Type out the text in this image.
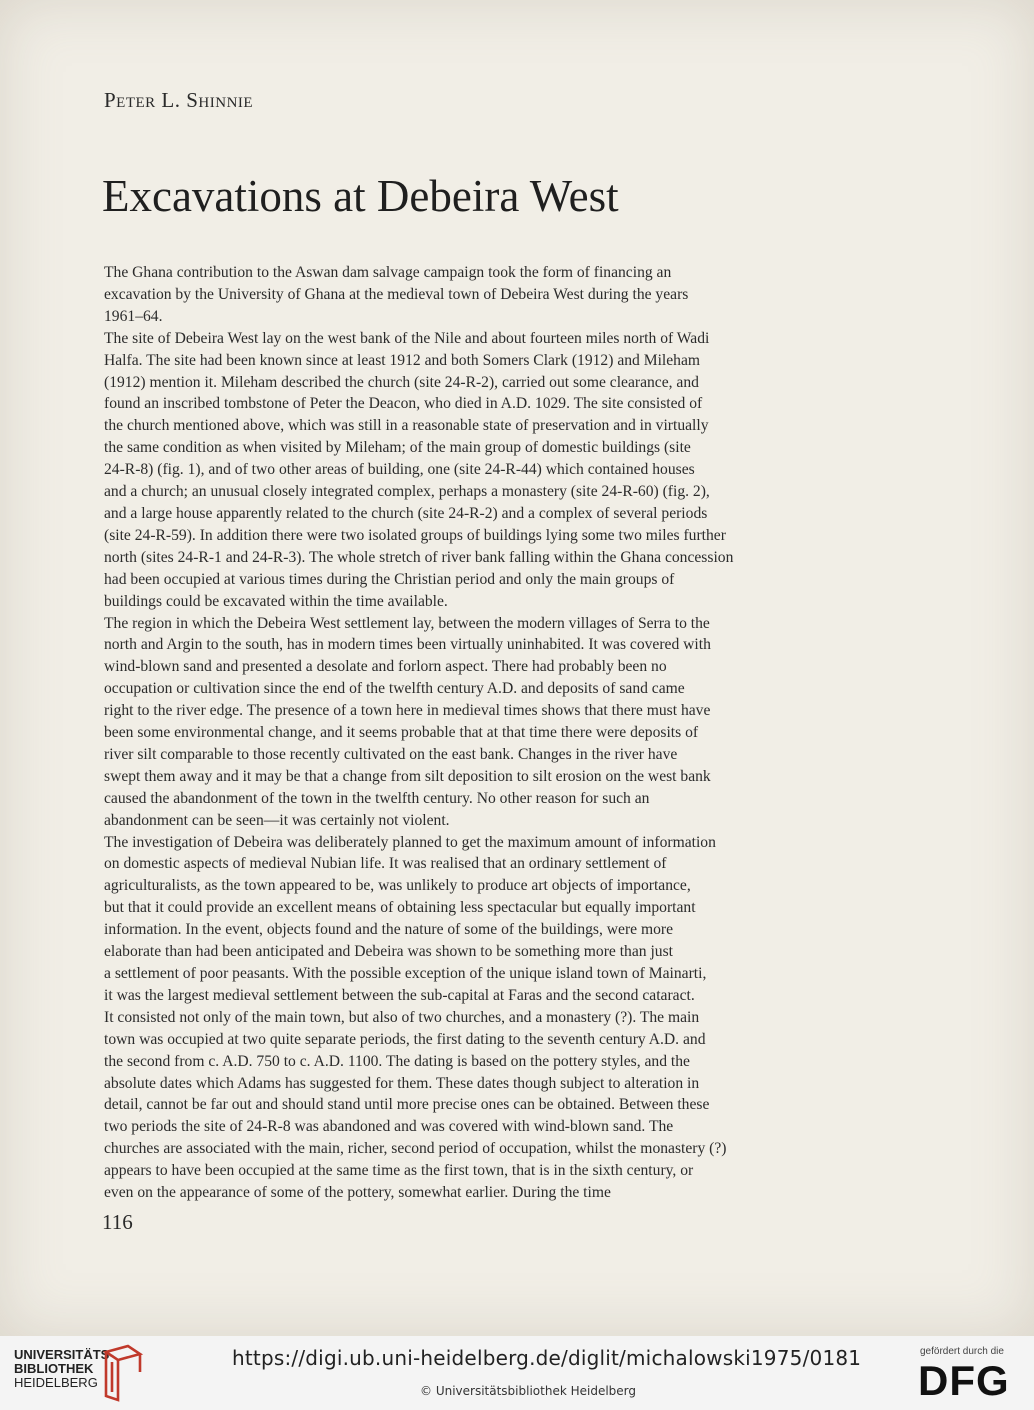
Peter L. Shinnie
Excavations at Debeira West
The Ghana contribution to the Aswan dam salvage campaign took the form of financing an
excavation by the University of Ghana at the medieval town of Debeira West during the years
1961–64.
The site of Debeira West lay on the west bank of the Nile and about fourteen miles north of Wadi
Halfa. The site had been known since at least 1912 and both Somers Clark (1912) and Mileham
(1912) mention it. Mileham described the church (site 24-R-2), carried out some clearance, and
found an inscribed tombstone of Peter the Deacon, who died in A.D. 1029. The site consisted of
the church mentioned above, which was still in a reasonable state of preservation and in virtually
the same condition as when visited by Mileham; of the main group of domestic buildings (site
24-R-8) (fig. 1), and of two other areas of building, one (site 24-R-44) which contained houses
and a church; an unusual closely integrated complex, perhaps a monastery (site 24-R-60) (fig. 2),
and a large house apparently related to the church (site 24-R-2) and a complex of several periods
(site 24-R-59). In addition there were two isolated groups of buildings lying some two miles further
north (sites 24-R-1 and 24-R-3). The whole stretch of river bank falling within the Ghana concession
had been occupied at various times during the Christian period and only the main groups of
buildings could be excavated within the time available.
The region in which the Debeira West settlement lay, between the modern villages of Serra to the
north and Argin to the south, has in modern times been virtually uninhabited. It was covered with
wind-blown sand and presented a desolate and forlorn aspect. There had probably been no
occupation or cultivation since the end of the twelfth century A.D. and deposits of sand came
right to the river edge. The presence of a town here in medieval times shows that there must have
been some environmental change, and it seems probable that at that time there were deposits of
river silt comparable to those recently cultivated on the east bank. Changes in the river have
swept them away and it may be that a change from silt deposition to silt erosion on the west bank
caused the abandonment of the town in the twelfth century. No other reason for such an
abandonment can be seen—it was certainly not violent.
The investigation of Debeira was deliberately planned to get the maximum amount of information
on domestic aspects of medieval Nubian life. It was realised that an ordinary settlement of
agriculturalists, as the town appeared to be, was unlikely to produce art objects of importance,
but that it could provide an excellent means of obtaining less spectacular but equally important
information. In the event, objects found and the nature of some of the buildings, were more
elaborate than had been anticipated and Debeira was shown to be something more than just
a settlement of poor peasants. With the possible exception of the unique island town of Mainarti,
it was the largest medieval settlement between the sub-capital at Faras and the second cataract.
It consisted not only of the main town, but also of two churches, and a monastery (?). The main
town was occupied at two quite separate periods, the first dating to the seventh century A.D. and
the second from c. A.D. 750 to c. A.D. 1100. The dating is based on the pottery styles, and the
absolute dates which Adams has suggested for them. These dates though subject to alteration in
detail, cannot be far out and should stand until more precise ones can be obtained. Between these
two periods the site of 24-R-8 was abandoned and was covered with wind-blown sand. The
churches are associated with the main, richer, second period of occupation, whilst the monastery (?)
appears to have been occupied at the same time as the first town, that is in the sixth century, or
even on the appearance of some of the pottery, somewhat earlier. During the time
116
UNIVERSITÄTS-
BIBLIOTHEK
HEIDELBERG
https://digi.ub.uni-heidelberg.de/diglit/michalowski1975/0181
© Universitätsbibliothek Heidelberg
gefördert durch die
DFG
